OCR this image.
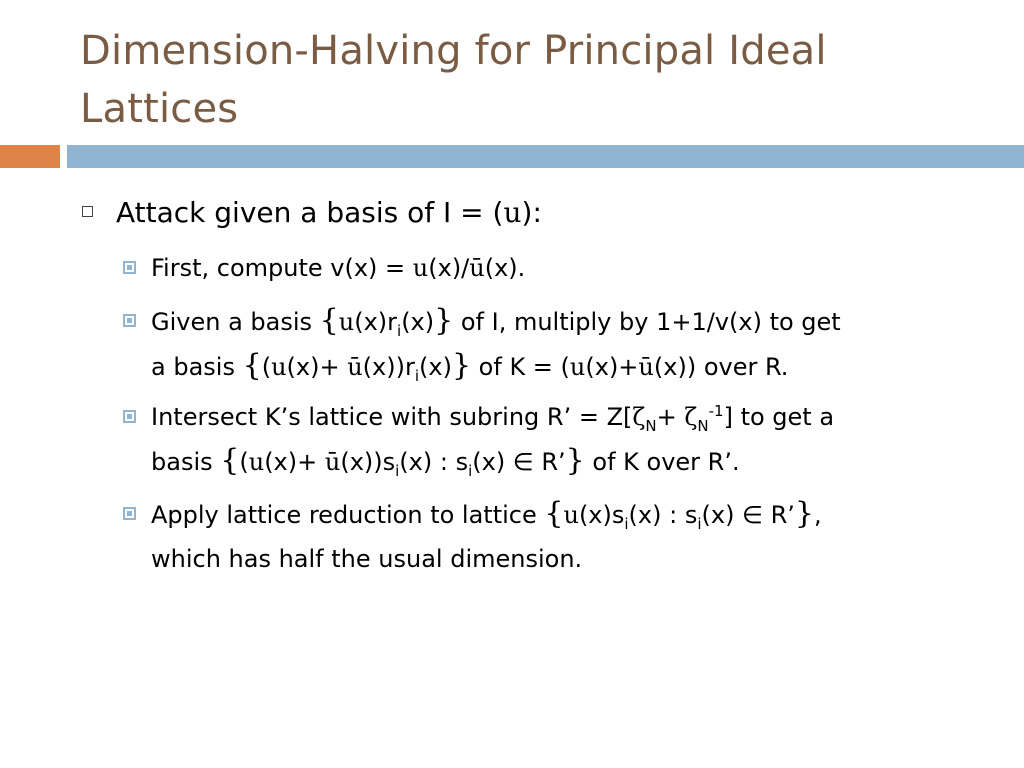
Dimension-Halving for Principal Ideal
Lattices
Attack given a basis of I = (u):
First, compute v(x) = u(x)/ū(x).
Given a basis $\{u(x)r_i(x)\}$ of I, multiply by 1+1/v(x) to get
a basis $\{(u(x)+ ū(x))r_i(x)\}$ of K = (u(x)+ū(x)) over R.
Intersect K’s lattice with subring R’ = $Z[\zeta_N+ \zeta_N^{-1}]$ to get a
basis {$(u(x)+ ū(x))s_i(x)$ : $s_i(x)$ ∈ R’} of K over R’.
Apply lattice reduction to lattice {$u(x)s_i(x)$ : $s_i(x)$ ∈ R’},
which has half the usual dimension.
